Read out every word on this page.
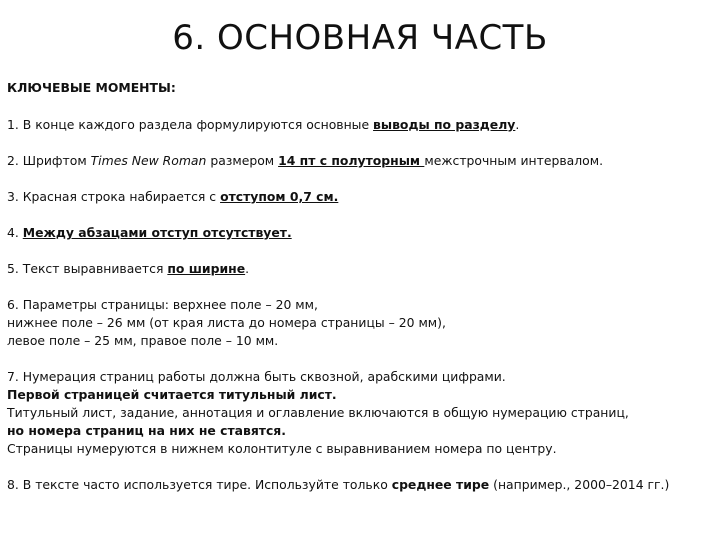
6. ОСНОВНАЯ ЧАСТЬ

КЛЮЧЕВЫЕ МОМЕНТЫ:

1. В конце каждого раздела формулируются основные выводы по разделу.

2. Шрифтом Times New Roman размером 14 пт с полуторным межстрочным интервалом.

3. Красная строка набирается с отступом 0,7 см.

4. Между абзацами отступ отсутствует.

5. Текст выравнивается по ширине.

6. Параметры страницы: верхнее поле – 20 мм,
нижнее поле – 26 мм (от края листа до номера страницы – 20 мм),
левое поле – 25 мм, правое поле – 10 мм.

7. Нумерация страниц работы должна быть сквозной, арабскими цифрами.
Первой страницей считается титульный лист.
Титульный лист, задание, аннотация и оглавление включаются в общую нумерацию страниц,
но номера страниц на них не ставятся.
Страницы нумеруются в нижнем колонтитуле с выравниванием номера по центру.

8. В тексте часто используется тире. Используйте только среднее тире (например., 2000–2014 гг.)
